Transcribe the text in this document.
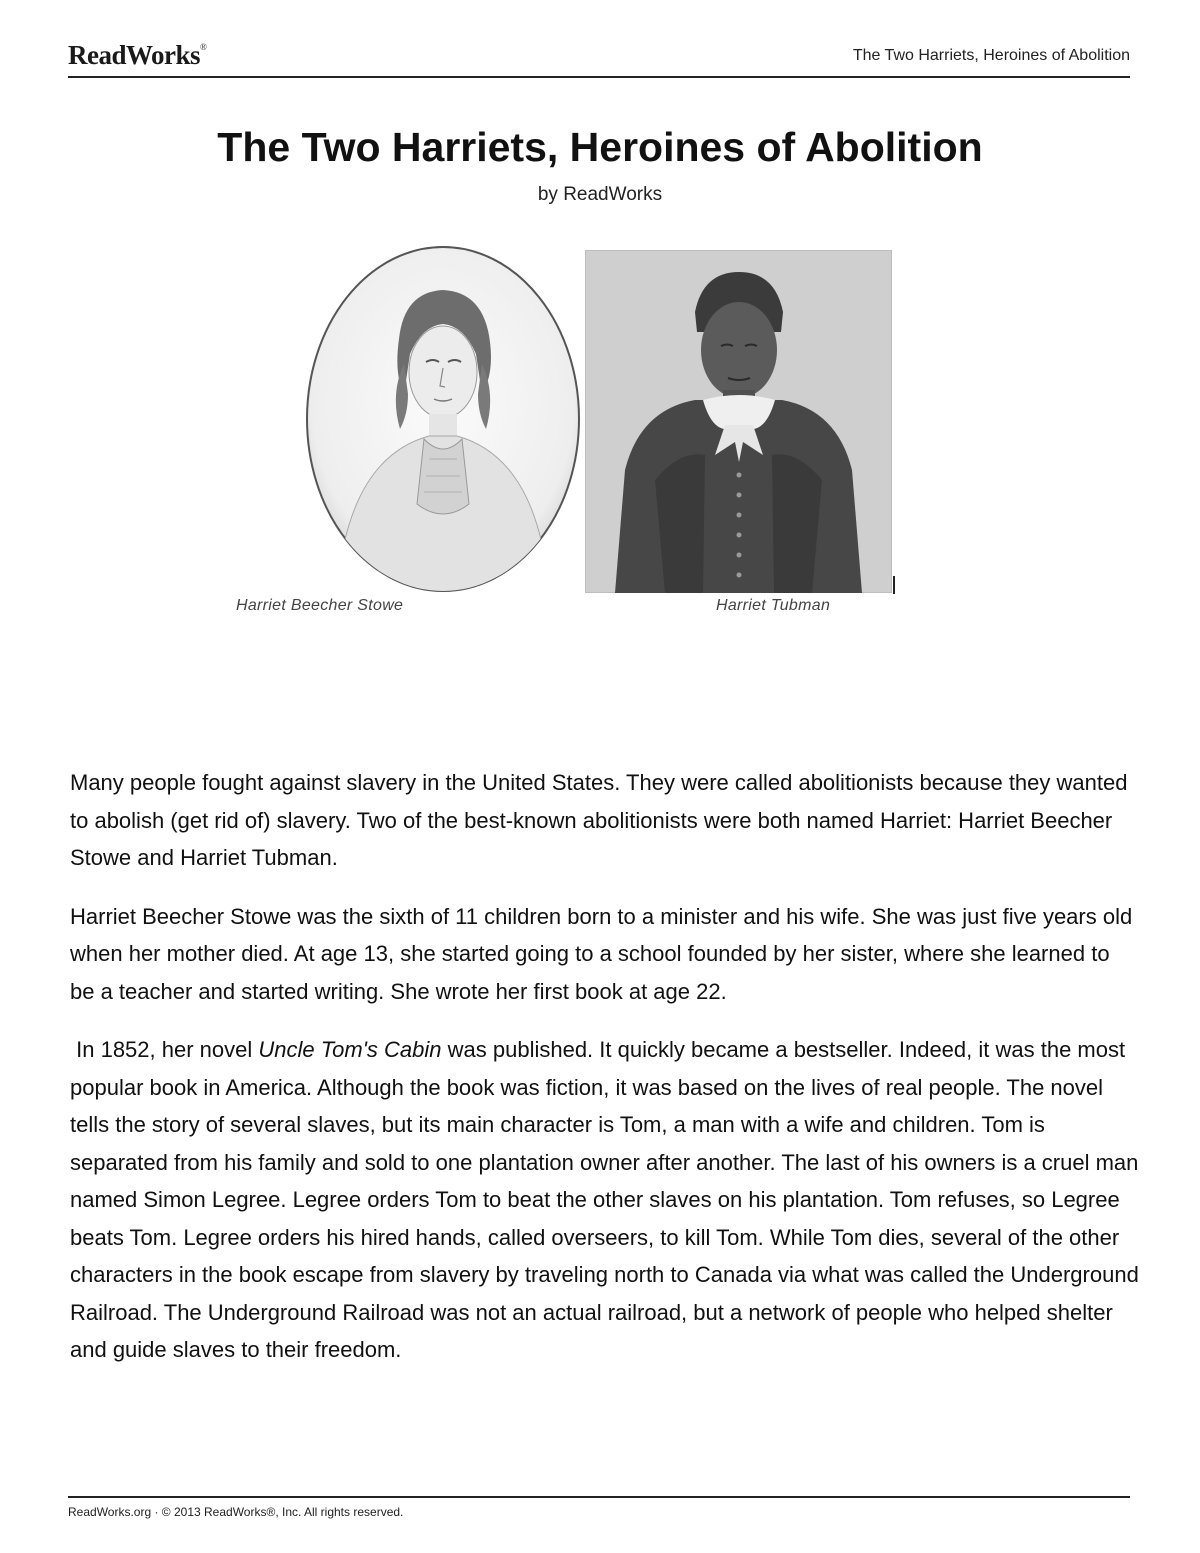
ReadWorks®	The Two Harriets, Heroines of Abolition
The Two Harriets, Heroines of Abolition
by ReadWorks
Harriet Beecher Stowe	Harriet Tubman

Many people fought against slavery in the United States. They were called abolitionists because they wanted to abolish (get rid of) slavery. Two of the best-known abolitionists were both named Harriet: Harriet Beecher Stowe and Harriet Tubman.

Harriet Beecher Stowe was the sixth of 11 children born to a minister and his wife. She was just five years old when her mother died. At age 13, she started going to a school founded by her sister, where she learned to be a teacher and started writing. She wrote her first book at age 22.

In 1852, her novel Uncle Tom's Cabin was published. It quickly became a bestseller. Indeed, it was the most popular book in America. Although the book was fiction, it was based on the lives of real people. The novel tells the story of several slaves, but its main character is Tom, a man with a wife and children. Tom is separated from his family and sold to one plantation owner after another. The last of his owners is a cruel man named Simon Legree. Legree orders Tom to beat the other slaves on his plantation. Tom refuses, so Legree beats Tom. Legree orders his hired hands, called overseers, to kill Tom. While Tom dies, several of the other characters in the book escape from slavery by traveling north to Canada via what was called the Underground Railroad. The Underground Railroad was not an actual railroad, but a network of people who helped shelter and guide slaves to their freedom.

ReadWorks.org · © 2013 ReadWorks®, Inc. All rights reserved.
